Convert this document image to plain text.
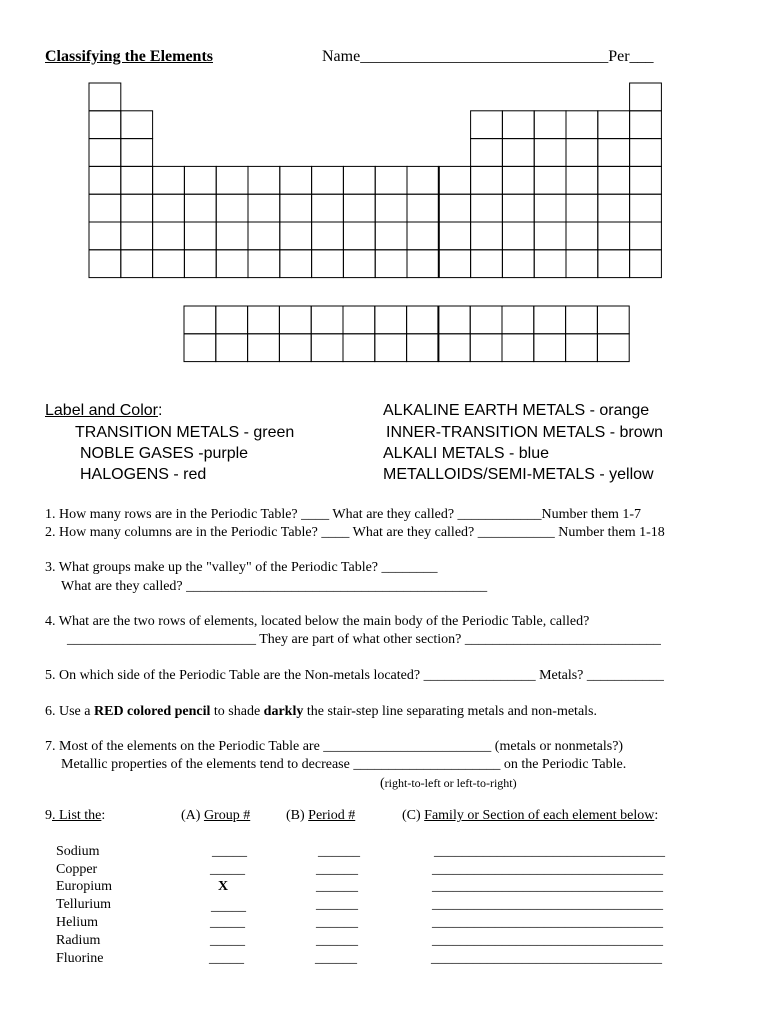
Classifying the Elements	Name_______________________________Per___
Label and Color:
TRANSITION METALS - green
NOBLE GASES -purple
HALOGENS - red
ALKALINE EARTH METALS - orange
INNER-TRANSITION METALS - brown
ALKALI METALS - blue
METALLOIDS/SEMI-METALS - yellow
1. How many rows are in the Periodic Table? ____ What are they called? ____________Number them 1-7
2. How many columns are in the Periodic Table? ____ What are they called? ___________ Number them 1-18
3. What groups make up the "valley" of the Periodic Table? ________
What are they called? ___________________________________________
4. What are the two rows of elements, located below the main body of the Periodic Table, called?
___________________________ They are part of what other section? ____________________________
5. On which side of the Periodic Table are the Non-metals located? ________________ Metals? ___________
6. Use a RED colored pencil to shade darkly the stair-step line separating metals and non-metals.
7. Most of the elements on the Periodic Table are ________________________ (metals or nonmetals?)
Metallic properties of the elements tend to decrease _____________________ on the Periodic Table.
(right-to-left or left-to-right)
9. List the:	(A) Group #	(B) Period #	(C) Family or Section of each element below:
Sodium	_____	______	_________________________________
Copper	_____	______	_________________________________
Europium	X	______	_________________________________
Tellurium	_____	______	_________________________________
Helium	_____	______	_________________________________
Radium	_____	______	_________________________________
Fluorine	_____	______	_________________________________
